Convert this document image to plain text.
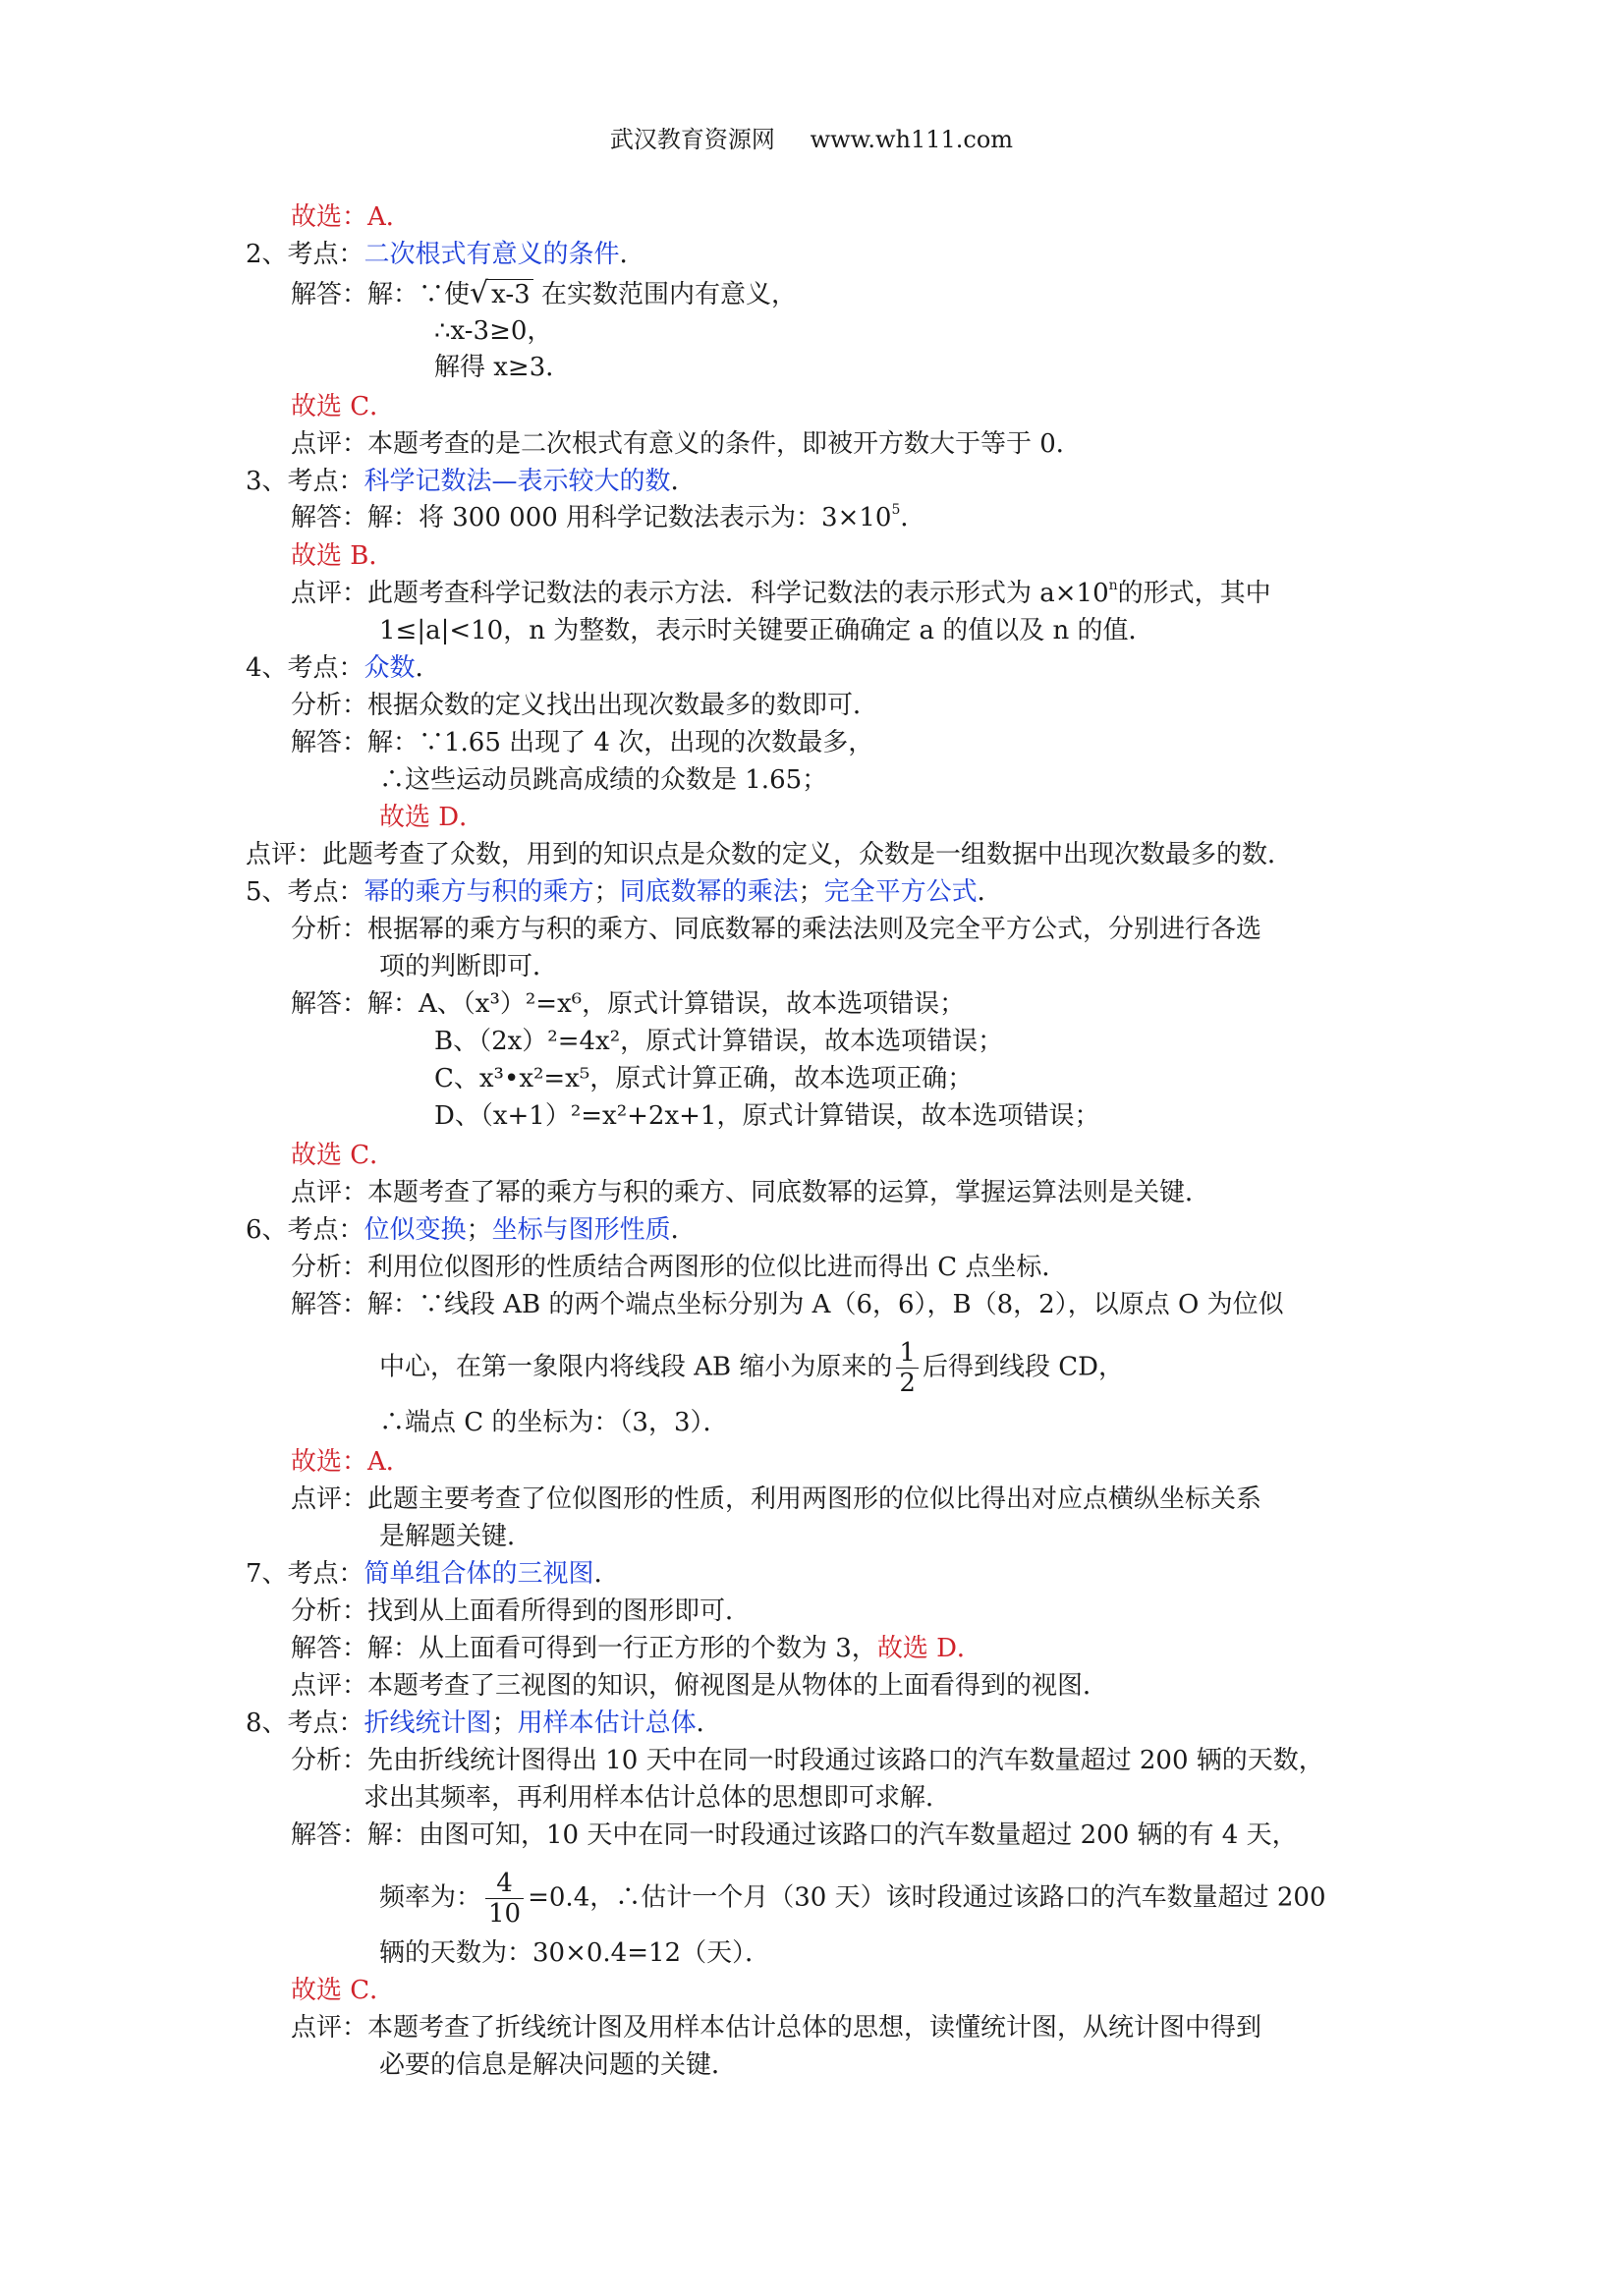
武汉教育资源网 www.wh111.com
故选：A．
2、考点：二次根式有意义的条件．
解答：解：∵使√ x-3 在实数范围内有意义，
∴x-3≥0，
解得 x≥3．
故选 C．
点评：本题考查的是二次根式有意义的条件，即被开方数大于等于 0．
3、考点：科学记数法—表示较大的数．
解答：解：将 300 000 用科学记数法表示为：$3\times 10^5$．
故选 B．
点评：此题考查科学记数法的表示方法．科学记数法的表示形式为 $a\times 10^n$的形式，其中
1≤|a|<10，n 为整数，表示时关键要正确确定 a 的值以及 n 的值．
4、考点：众数．
分析：根据众数的定义找出出现次数最多的数即可．
解答：解：∵1.65 出现了 4 次，出现的次数最多，
∴这些运动员跳高成绩的众数是 1.65；
故选 D．
点评：此题考查了众数，用到的知识点是众数的定义，众数是一组数据中出现次数最多的数．
5、考点：幂的乘方与积的乘方；同底数幂的乘法；完全平方公式．
分析：根据幂的乘方与积的乘方、同底数幂的乘法法则及完全平方公式，分别进行各选
项的判断即可．
解答：解：A、（x³）²=x⁶，原式计算错误，故本选项错误；
B、（2x）²=4x²，原式计算错误，故本选项错误；
C、x³•x²=x⁵，原式计算正确，故本选项正确；
D、（x+1）²=x²+2x+1，原式计算错误，故本选项错误；
故选 C．
点评：本题考查了幂的乘方与积的乘方、同底数幂的运算，掌握运算法则是关键．
6、考点：位似变换；坐标与图形性质．
分析：利用位似图形的性质结合两图形的位似比进而得出 C 点坐标．
解答：解：∵线段 AB 的两个端点坐标分别为 A（6，6），B（8，2），以原点 O 为位似
中心，在第一象限内将线段 AB 缩小为原来的 $\frac{1}{2}$ 后得到线段 CD，
∴端点 C 的坐标为：（3，3）．
故选：A．
点评：此题主要考查了位似图形的性质，利用两图形的位似比得出对应点横纵坐标关系
是解题关键．
7、考点：简单组合体的三视图．
分析：找到从上面看所得到的图形即可．
解答：解：从上面看可得到一行正方形的个数为 3，故选 D．
点评：本题考查了三视图的知识，俯视图是从物体的上面看得到的视图．
8、考点：折线统计图；用样本估计总体．
分析：先由折线统计图得出 10 天中在同一时段通过该路口的汽车数量超过 200 辆的天数，
求出其频率，再利用样本估计总体的思想即可求解．
解答：解：由图可知，10 天中在同一时段通过该路口的汽车数量超过 200 辆的有 4 天，
频率为： $\frac{4}{10} =0.4$，∴估计一个月（30 天）该时段通过该路口的汽车数量超过 200
辆的天数为：30×0.4=12（天）．
故选 C．
点评：本题考查了折线统计图及用样本估计总体的思想，读懂统计图，从统计图中得到
必要的信息是解决问题的关键．
